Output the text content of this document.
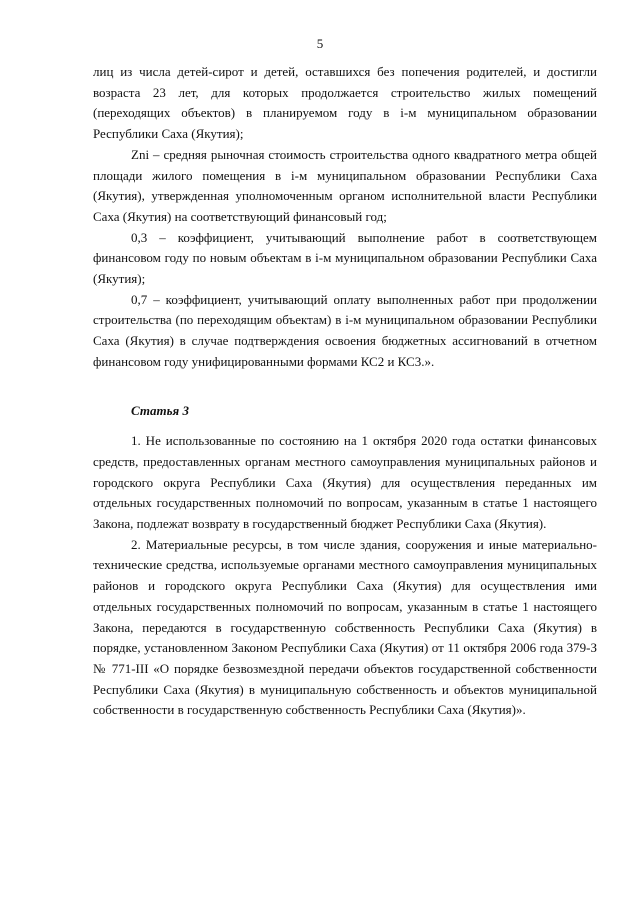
5

лиц из числа детей-сирот и детей, оставшихся без попечения родителей, и достигли возраста 23 лет, для которых продолжается строительство жилых помещений (переходящих объектов) в планируемом году в i-м муниципальном образовании Республики Саха (Якутия);

Zni – средняя рыночная стоимость строительства одного квадратного метра общей площади жилого помещения в i-м муниципальном образовании Республики Саха (Якутия), утвержденная уполномоченным органом исполнительной власти Республики Саха (Якутия) на соответствующий финансовый год;

0,3 – коэффициент, учитывающий выполнение работ в соответствующем финансовом году по новым объектам в i-м муниципальном образовании Республики Саха (Якутия);

0,7 – коэффициент, учитывающий оплату выполненных работ при продолжении строительства (по переходящим объектам) в i-м муниципальном образовании Республики Саха (Якутия) в случае подтверждения освоения бюджетных ассигнований в отчетном финансовом году унифицированными формами КС2 и КС3.».

Статья 3

1. Не использованные по состоянию на 1 октября 2020 года остатки финансовых средств, предоставленных органам местного самоуправления муниципальных районов и городского округа Республики Саха (Якутия) для осуществления переданных им отдельных государственных полномочий по вопросам, указанным в статье 1 настоящего Закона, подлежат возврату в государственный бюджет Республики Саха (Якутия).

2. Материальные ресурсы, в том числе здания, сооружения и иные материально-технические средства, используемые органами местного самоуправления муниципальных районов и городского округа Республики Саха (Якутия) для осуществления ими отдельных государственных полномочий по вопросам, указанным в статье 1 настоящего Закона, передаются в государственную собственность Республики Саха (Якутия) в порядке, установленном Законом Республики Саха (Якутия) от 11 октября 2006 года 379-З № 771-III «О порядке безвозмездной передачи объектов государственной собственности Республики Саха (Якутия) в муниципальную собственность и объектов муниципальной собственности в государственную собственность Республики Саха (Якутия)».
